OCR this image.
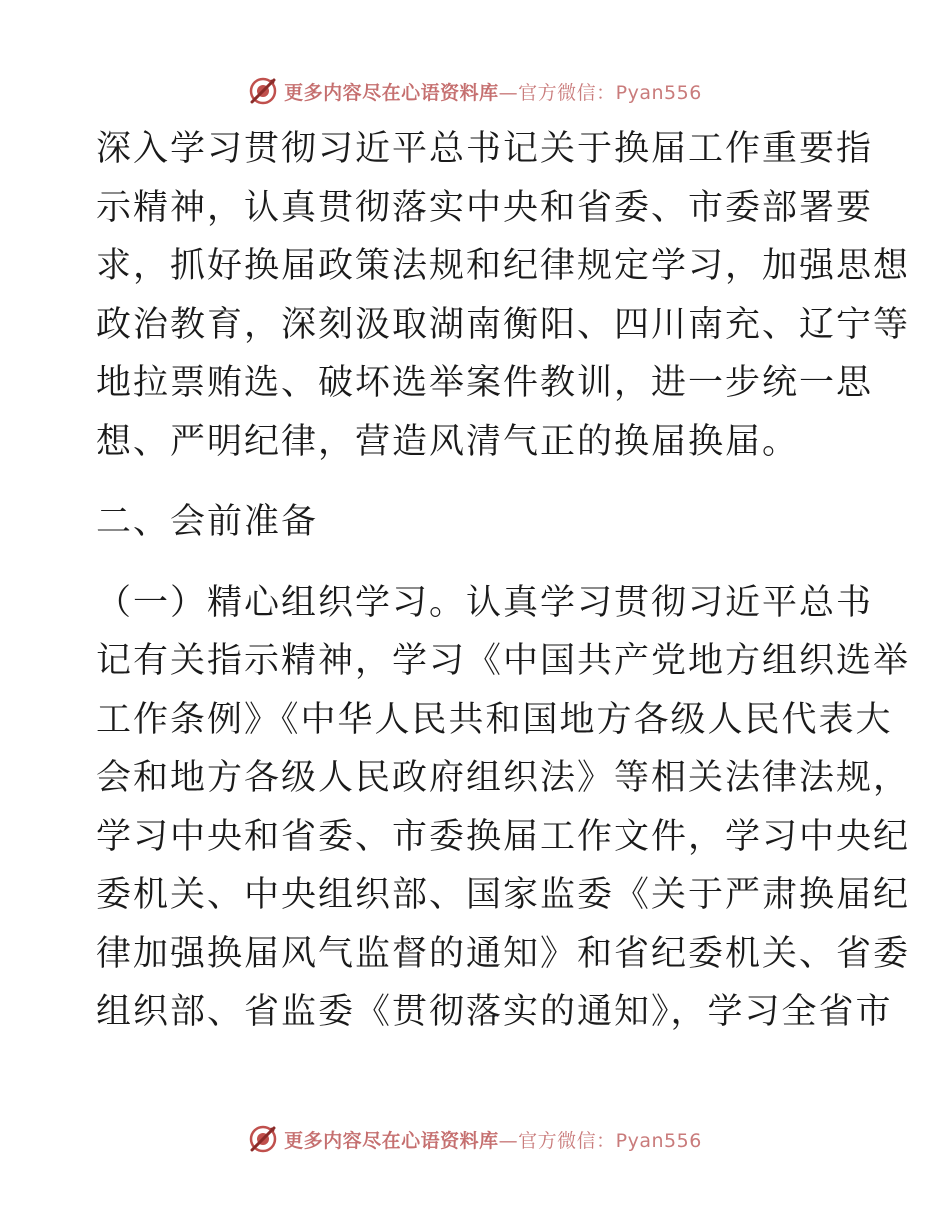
更多内容尽在心语资料库—官方微信：Pyan556

深入学习贯彻习近平总书记关于换届工作重要指
示精神，认真贯彻落实中央和省委、市委部署要
求，抓好换届政策法规和纪律规定学习，加强思想
政治教育，深刻汲取湖南衡阳、四川南充、辽宁等
地拉票贿选、破坏选举案件教训，进一步统一思
想、严明纪律，营造风清气正的换届换届。

二、会前准备

（一）精心组织学习。认真学习贯彻习近平总书
记有关指示精神，学习《中国共产党地方组织选举
工作条例》《中华人民共和国地方各级人民代表大
会和地方各级人民政府组织法》等相关法律法规，
学习中央和省委、市委换届工作文件，学习中央纪
委机关、中央组织部、国家监委《关于严肃换届纪
律加强换届风气监督的通知》和省纪委机关、省委
组织部、省监委《贯彻落实的通知》，学习全省市

更多内容尽在心语资料库—官方微信：Pyan556
